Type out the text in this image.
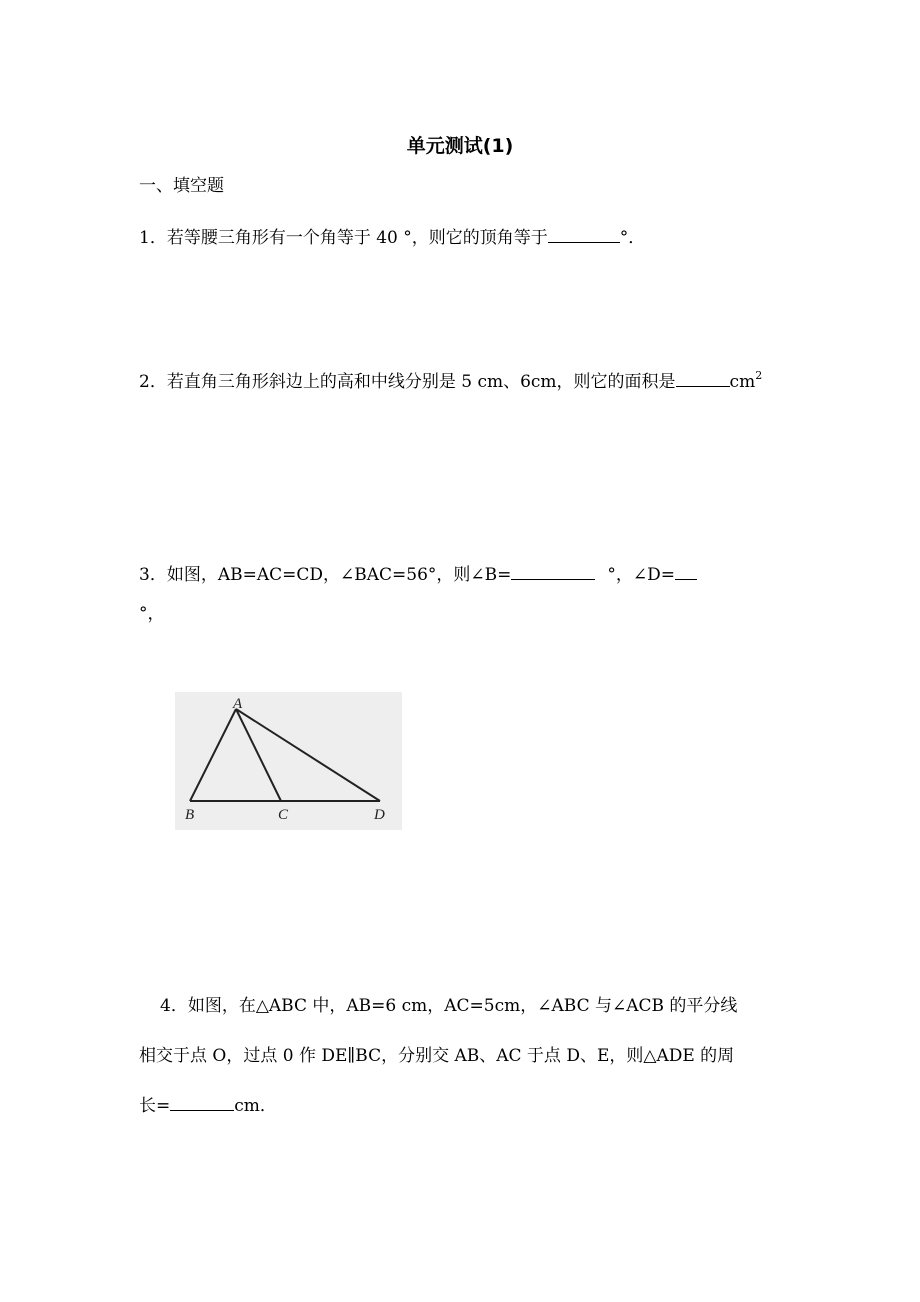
单元测试(1)
一、填空题
1．若等腰三角形有一个角等于 40 °，则它的顶角等于	°．
2．若直角三角形斜边上的高和中线分别是 5 cm、6cm，则它的面积是	$cm^2$
3．如图，AB=AC=CD，∠BAC=56°，则∠B=	°，∠D=
°，
A
B	C	D
4．如图，在△ABC 中，AB=6 cm，AC=5cm，∠ABC 与∠ACB 的平分线
相交于点 O，过点 0 作 DE∥BC，分别交 AB、AC 于点 D、E，则△ADE 的周
长=	cm．
